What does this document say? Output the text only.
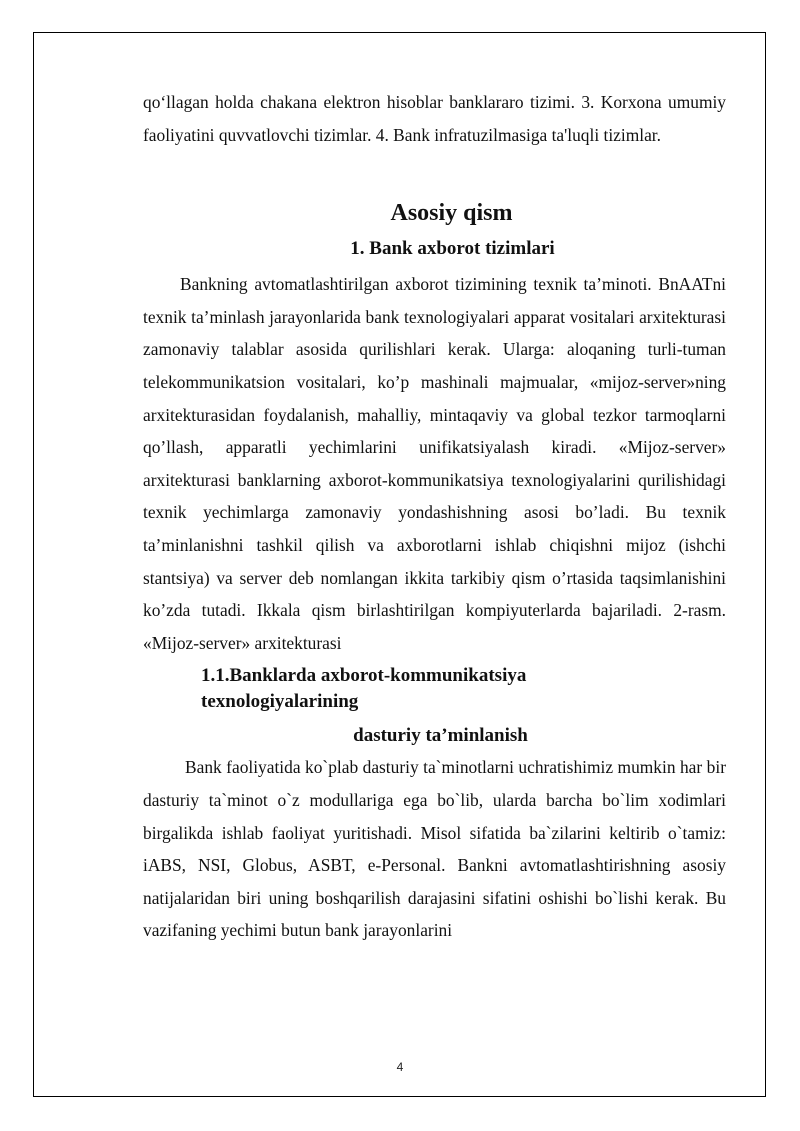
qo‘llagan holda chakana elektron hisoblar banklararo tizimi. 3. Korxona umumiy faoliyatini quvvatlovchi tizimlar. 4. Bank infratuzilmasiga ta'luqli tizimlar.

Asosiy qism
1. Bank axborot tizimlari

Bankning avtomatlashtirilgan axborot tizimining texnik ta’minoti. BnAATni texnik ta’minlash jarayonlarida bank texnologiyalari apparat vositalari arxitekturasi zamonaviy talablar asosida qurilishlari kerak. Ularga: aloqaning turli-tuman telekommunikatsion vositalari, ko’p mashinali majmualar, «mijoz-server»ning arxitekturasidan foydalanish, mahalliy, mintaqaviy va global tezkor tarmoqlarni qo’llash, apparatli yechimlarini unifikatsiyalash kiradi. «Mijoz-server» arxitekturasi banklarning axborot-kommunikatsiya texnologiyalarini qurilishidagi texnik yechimlarga zamonaviy yondashishning asosi bo’ladi. Bu texnik ta’minlanishni tashkil qilish va axborotlarni ishlab chiqishni mijoz (ishchi stantsiya) va server deb nomlangan ikkita tarkibiy qism o’rtasida taqsimlanishini ko’zda tutadi. Ikkala qism birlashtirilgan kompiyuterlarda bajariladi. 2-rasm. «Mijoz-server» arxitekturasi

1.1.Banklarda axborot-kommunikatsiya texnologiyalarining
dasturiy ta’minlanish

Bank faoliyatida ko`plab dasturiy ta`minotlarni uchratishimiz mumkin har bir dasturiy ta`minot o`z modullariga ega bo`lib, ularda barcha bo`lim xodimlari birgalikda ishlab faoliyat yuritishadi. Misol sifatida ba`zilarini keltirib o`tamiz: iABS, NSI, Globus, ASBT, e-Personal. Bankni avtomatlashtirishning asosiy natijalaridan biri uning boshqarilish darajasini sifatini oshishi bo`lishi kerak. Bu vazifaning yechimi butun bank jarayonlarini

4
